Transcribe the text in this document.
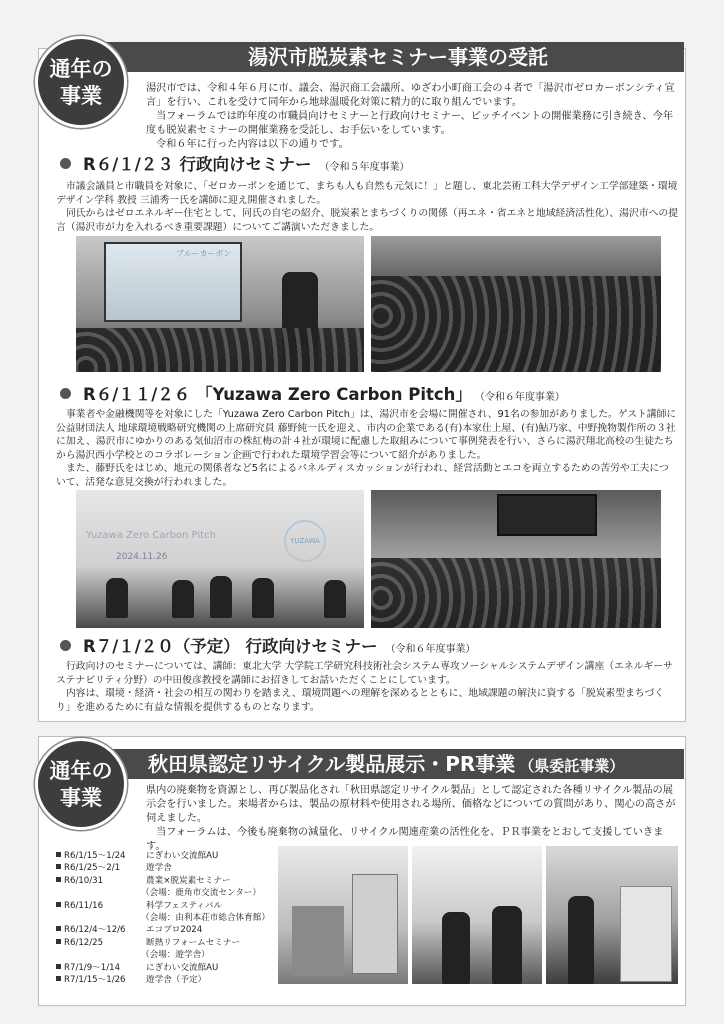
湯沢市脱炭素セミナー事業の受託
通年の
事業	湯沢市では、令和４年６月に市、議会、湯沢商工会議所、ゆざわ小町商工会の４者で「湯沢市ゼロカーボンシティ宣言」を行い、これを受けて同年から地球温暖化対策に精力的に取り組んでいます。

当フォーラムでは昨年度の市職員向けセミナーと行政向けセミナー、ピッチイベントの開催業務に引き続き、今年度も脱炭素セミナーの開催業務を受託し、お手伝いをしています。

令和６年に行った内容は以下の通りです。

R６/１/２３ 行政向けセミナー （令和５年度事業）

市議会議員と市職員を対象に、「ゼロカーボンを通じて、まちも人も自然も元気に！」と題し、東北芸術工科大学デザイン工学部建築・環境デザイン学科 教授 三浦秀一氏を講師に迎え開催されました。

同氏からはゼロエネルギー住宅として、同氏の自宅の紹介、脱炭素とまちづくりの関係（再エネ・省エネと地域経済活性化）、湯沢市への提言（湯沢市が力を入れるべき重要課題）についてご講演いただきました。

ブルーカーボン
R６/１１/２６ 「Yuzawa Zero Carbon Pitch」 （令和６年度事業）

事業者や金融機関等を対象にした「Yuzawa Zero Carbon Pitch」は、湯沢市を会場に開催され、91名の参加がありました。ゲスト講師に公益財団法人 地球環境戦略研究機関の上席研究員 藤野純一氏を迎え、市内の企業である(有)本家仕上屋、(有)鮎乃家、中野挽物製作所の３社に加え、湯沢市にゆかりのある気仙沼市の株紅梅の計４社が環境に配慮した取組みについて事例発表を行い、さらに湯沢翔北高校の生徒たちから湯沢西小学校とのコラボレーション企画で行われた環境学習会等について紹介がありました。

また、藤野氏をはじめ、地元の関係者など5名によるパネルディスカッションが行われ、経営活動とエコを両立するための苦労や工夫について、活発な意見交換が行われました。

Yuzawa Zero Carbon Pitch
2024.11.26
YUZAWA
R７/１/２０（予定） 行政向けセミナー （令和６年度事業）

行政向けのセミナーについては、講師：東北大学 大学院工学研究科技術社会システム専攻ソーシャルシステムデザイン講座（エネルギーサステナビリティ分野）の中田俊彦教授を講師にお招きしてお話いただくことにしています。

内容は、環境・経済・社会の相互の関わりを踏まえ、環境問題への理解を深めるとともに、地域課題の解決に資する「脱炭素型まちづくり」を進めるために有益な情報を提供するものとなります。

秋田県認定リサイクル製品展示・PR事業 （県委託事業）
通年の
事業	県内の廃棄物を資源とし、再び製品化され「秋田県認定リサイクル製品」として認定された各種リサイクル製品の展示会を行いました。来場者からは、製品の原材料や使用される場所、価格などについての質問があり、関心の高さが伺えました。

当フォーラムは、今後も廃棄物の減量化、リサイクル関連産業の活性化を、ＰＲ事業をとおして支援していきます。

R6/1/15～1/24 にぎわい交流館AU
R6/1/25～2/1	遊学舎
R6/10/31	農業×脱炭素セミナー
（会場：鹿角市交流センター）
R6/11/16	科学フェスティバル
（会場：由利本荘市総合体育館）
R6/12/4～12/6 エコプロ2024
R6/12/25	断熱リフォームセミナー
（会場：遊学舎）
R7/1/9～1/14	にぎわい交流館AU
R7/1/15～1/26 遊学舎（予定）
